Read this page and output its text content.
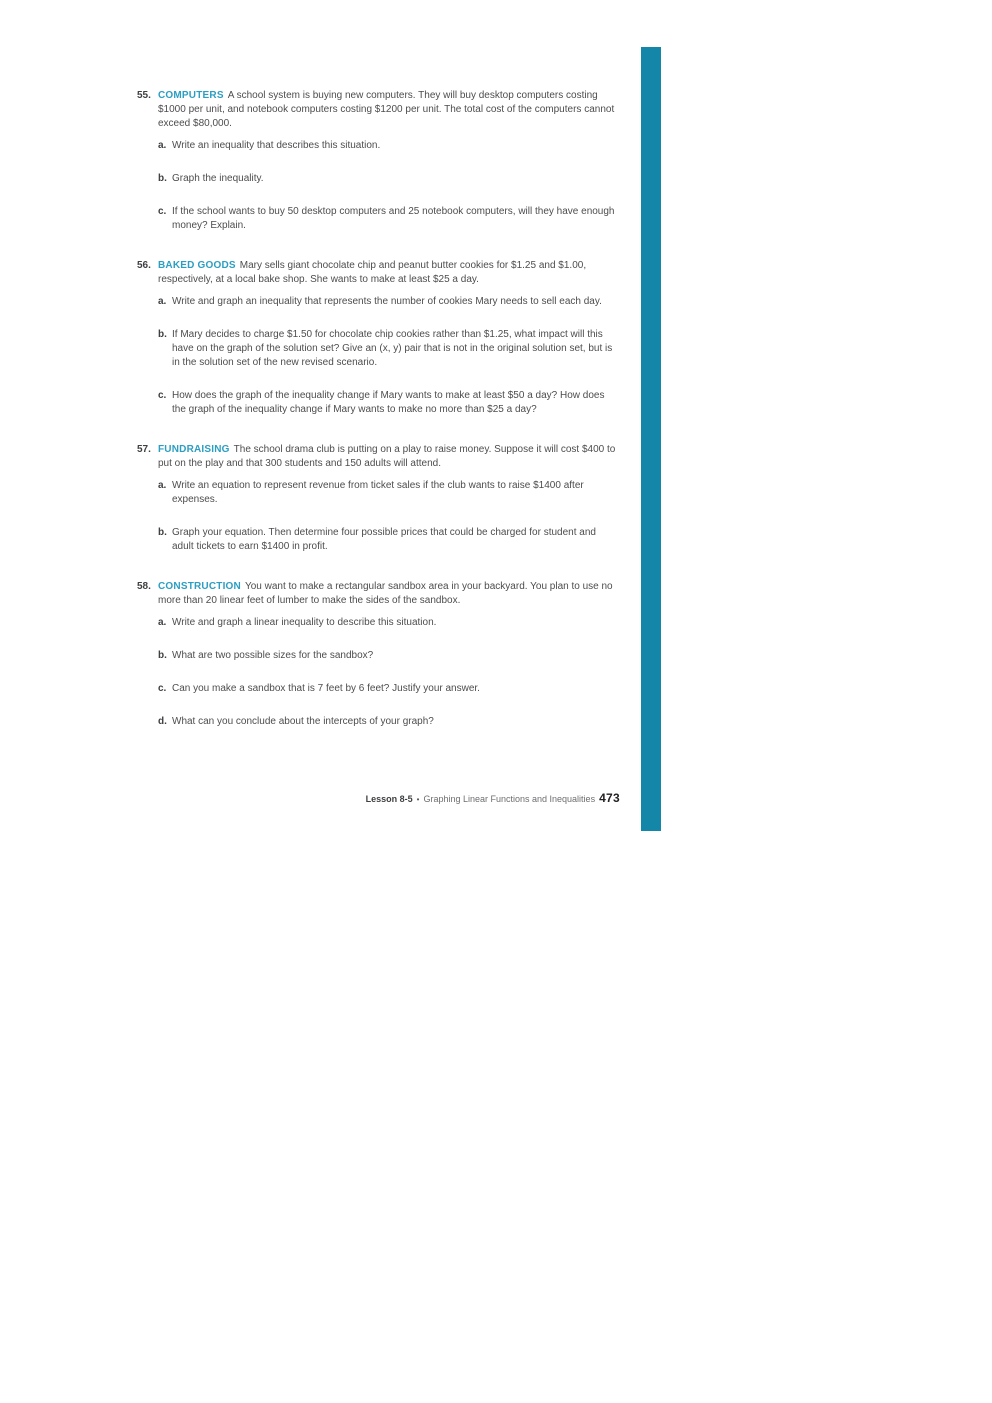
55. COMPUTERS A school system is buying new computers. They will buy desktop computers costing $1000 per unit, and notebook computers costing $1200 per unit. The total cost of the computers cannot exceed $80,000.

a. Write an inequality that describes this situation.

b. Graph the inequality.

c. If the school wants to buy 50 desktop computers and 25 notebook computers, will they have enough money? Explain.

56. BAKED GOODS Mary sells giant chocolate chip and peanut butter cookies for $1.25 and $1.00, respectively, at a local bake shop. She wants to make at least $25 a day.

a. Write and graph an inequality that represents the number of cookies Mary needs to sell each day.

b. If Mary decides to charge $1.50 for chocolate chip cookies rather than $1.25, what impact will this have on the graph of the solution set? Give an (x, y) pair that is not in the original solution set, but is in the solution set of the new revised scenario.

c. How does the graph of the inequality change if Mary wants to make at least $50 a day? How does the graph of the inequality change if Mary wants to make no more than $25 a day?

57. FUNDRAISING The school drama club is putting on a play to raise money. Suppose it will cost $400 to put on the play and that 300 students and 150 adults will attend.

a. Write an equation to represent revenue from ticket sales if the club wants to raise $1400 after expenses.

b. Graph your equation. Then determine four possible prices that could be charged for student and adult tickets to earn $1400 in profit.

58. CONSTRUCTION You want to make a rectangular sandbox area in your backyard. You plan to use no more than 20 linear feet of lumber to make the sides of the sandbox.

a. Write and graph a linear inequality to describe this situation.

b. What are two possible sizes for the sandbox?

c. Can you make a sandbox that is 7 feet by 6 feet? Justify your answer.

d. What can you conclude about the intercepts of your graph?

Lesson 8-5 • Graphing Linear Functions and Inequalities 473
